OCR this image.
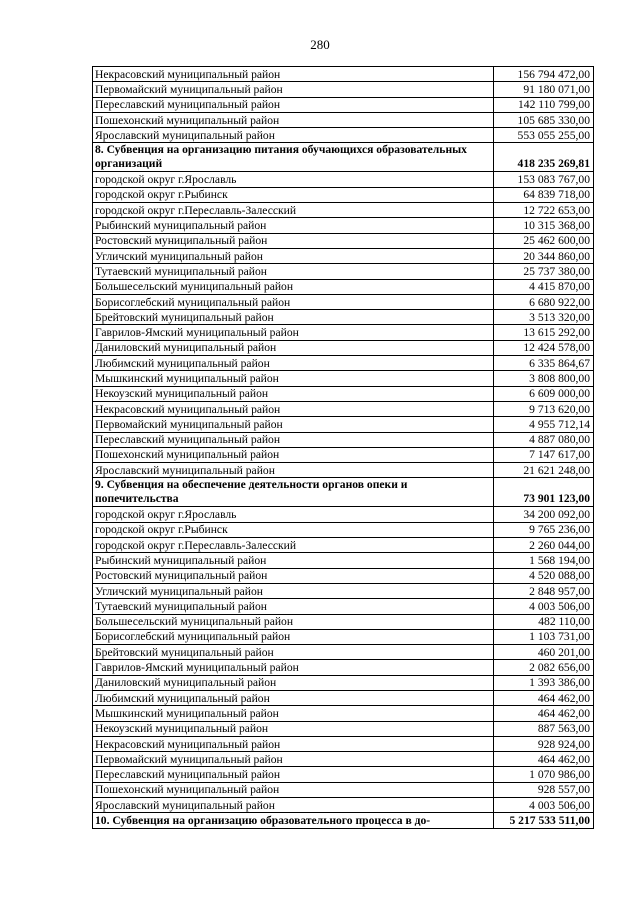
280
Некрасовский муниципальный район	156 794 472,00
Первомайский муниципальный район	91 180 071,00
Переславский муниципальный район	142 110 799,00
Пошехонский муниципальный район	105 685 330,00
Ярославский муниципальный район	553 055 255,00
8. Субвенция на организацию питания обучающихся образовательных организаций	418 235 269,81
городской округ г.Ярославль	153 083 767,00
городской округ г.Рыбинск	64 839 718,00
городской округ г.Переславль-Залесский	12 722 653,00
Рыбинский муниципальный район	10 315 368,00
Ростовский муниципальный район	25 462 600,00
Угличский муниципальный район	20 344 860,00
Тутаевский муниципальный район	25 737 380,00
Большесельский муниципальный район	4 415 870,00
Борисоглебский муниципальный район	6 680 922,00
Брейтовский муниципальный район	3 513 320,00
Гаврилов-Ямский муниципальный район	13 615 292,00
Даниловский муниципальный район	12 424 578,00
Любимский муниципальный район	6 335 864,67
Мышкинский муниципальный район	3 808 800,00
Некоузский муниципальный район	6 609 000,00
Некрасовский муниципальный район	9 713 620,00
Первомайский муниципальный район	4 955 712,14
Переславский муниципальный район	4 887 080,00
Пошехонский муниципальный район	7 147 617,00
Ярославский муниципальный район	21 621 248,00
9. Субвенция на обеспечение деятельности органов опеки и попечительства	73 901 123,00
городской округ г.Ярославль	34 200 092,00
городской округ г.Рыбинск	9 765 236,00
городской округ г.Переславль-Залесский	2 260 044,00
Рыбинский муниципальный район	1 568 194,00
Ростовский муниципальный район	4 520 088,00
Угличский муниципальный район	2 848 957,00
Тутаевский муниципальный район	4 003 506,00
Большесельский муниципальный район	482 110,00
Борисоглебский муниципальный район	1 103 731,00
Брейтовский муниципальный район	460 201,00
Гаврилов-Ямский муниципальный район	2 082 656,00
Даниловский муниципальный район	1 393 386,00
Любимский муниципальный район	464 462,00
Мышкинский муниципальный район	464 462,00
Некоузский муниципальный район	887 563,00
Некрасовский муниципальный район	928 924,00
Первомайский муниципальный район	464 462,00
Переславский муниципальный район	1 070 986,00
Пошехонский муниципальный район	928 557,00
Ярославский муниципальный район	4 003 506,00
10. Субвенция на организацию образовательного процесса в до-	5 217 533 511,00
